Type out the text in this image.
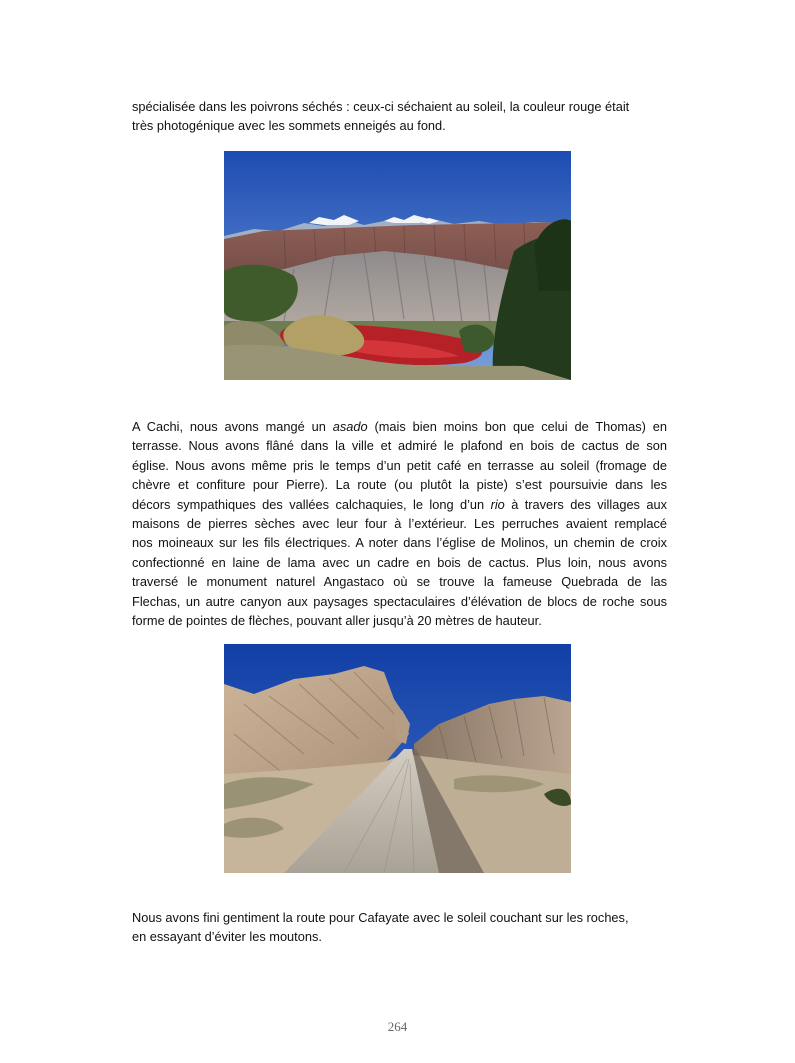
spécialisée dans les poivrons séchés : ceux-ci séchaient au soleil, la couleur rouge était
très photogénique avec les sommets enneigés au fond.
A Cachi, nous avons mangé un asado (mais bien moins bon que celui de Thomas) en
terrasse. Nous avons flâné dans la ville et admiré le plafond en bois de cactus de son
église. Nous avons même pris le temps d’un petit café en terrasse au soleil (fromage de
chèvre et confiture pour Pierre). La route (ou plutôt la piste) s’est poursuivie dans les
décors sympathiques des vallées calchaquies, le long d’un rio à travers des villages aux
maisons de pierres sèches avec leur four à l’extérieur. Les perruches avaient remplacé
nos moineaux sur les fils électriques. A noter dans l’église de Molinos, un chemin de croix
confectionné en laine de lama avec un cadre en bois de cactus. Plus loin, nous avons
traversé le monument naturel Angastaco où se trouve la fameuse Quebrada de las
Flechas, un autre canyon aux paysages spectaculaires d’élévation de blocs de roche sous
forme de pointes de flèches, pouvant aller jusqu’à 20 mètres de hauteur.
Nous avons fini gentiment la route pour Cafayate avec le soleil couchant sur les roches,
en essayant d’éviter les moutons.
264
